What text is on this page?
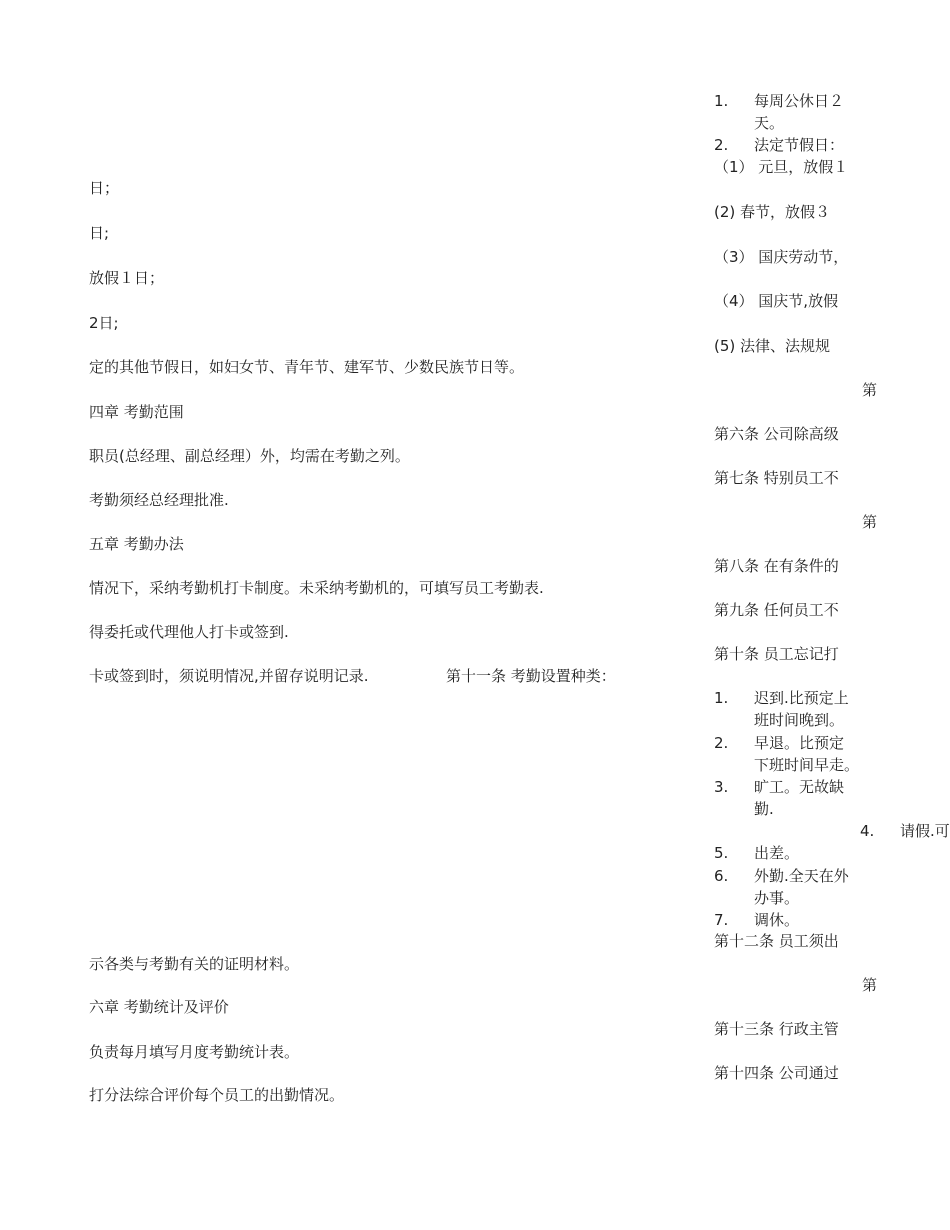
日；
日;
放假１日；
2日;
定的其他节假日，如妇女节、青年节、建军节、少数民族节日等。
四章 考勤范围
职员(总经理、副总经理）外，均需在考勤之列。
考勤须经总经理批准.
五章 考勤办法
情况下，采纳考勤机打卡制度。未采纳考勤机的，可填写员工考勤表.
得委托或代理他人打卡或签到.
卡或签到时，须说明情况,并留存说明记录.	第十一条 考勤设置种类：
示各类与考勤有关的证明材料。
六章 考勤统计及评价
负责每月填写月度考勤统计表。
打分法综合评价每个员工的出勤情况。
1. 每周公休日２
天。
2. 法定节假日：
（1） 元旦，放假１
(2) 春节，放假３
（3） 国庆劳动节，
（4） 国庆节,放假
(5) 法律、法规规
第
第六条 公司除高级
第七条 特别员工不
第
第八条 在有条件的
第九条 任何员工不
第十条 员工忘记打
1. 迟到.比预定上
班时间晚到。
2. 早退。比预定
下班时间早走。
3. 旷工。无故缺
勤.
4. 请假.可
5. 出差。
6. 外勤.全天在外
办事。
7. 调休。
第十二条 员工须出
第
第十三条 行政主管
第十四条 公司通过
